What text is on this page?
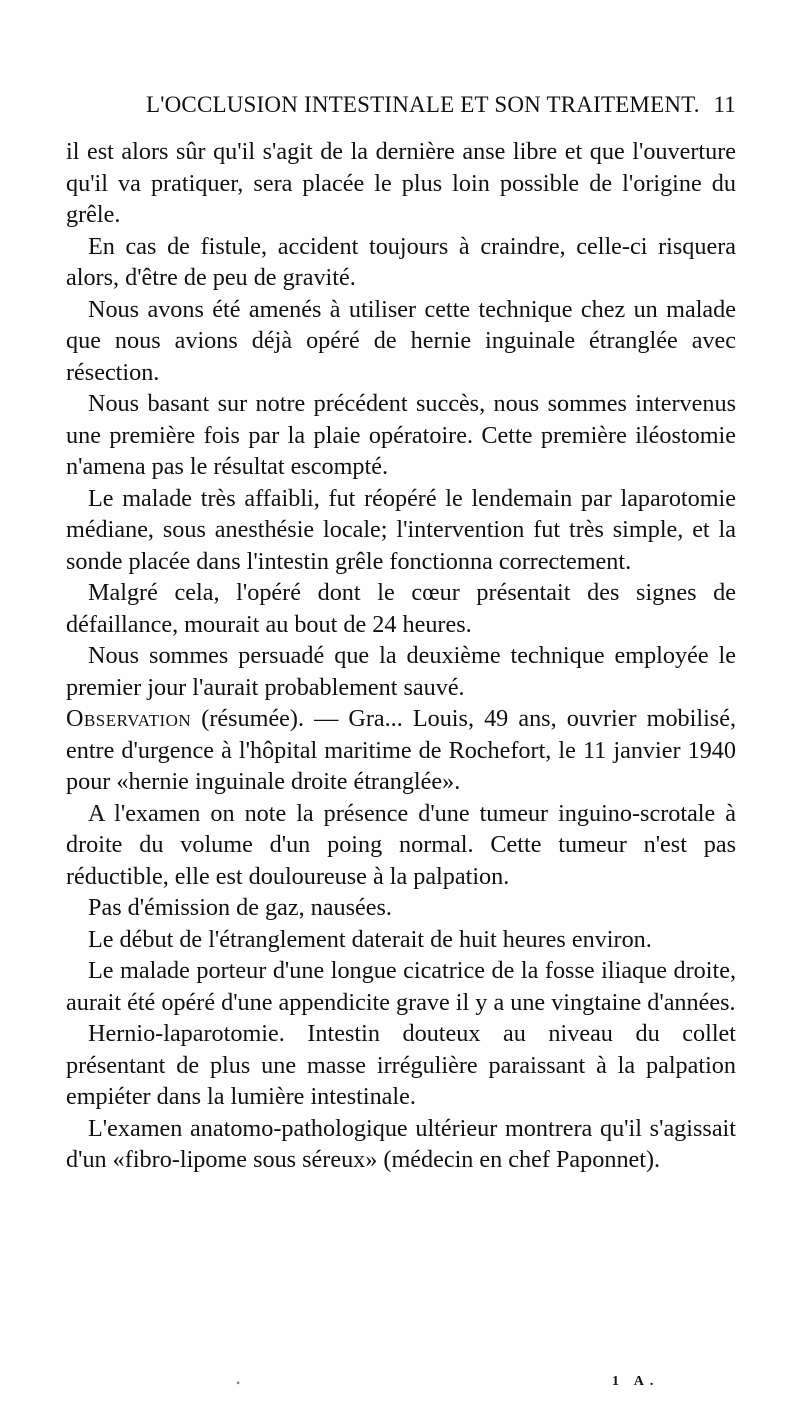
L'OCCLUSION INTESTINALE ET SON TRAITEMENT. 11

il est alors sûr qu'il s'agit de la dernière anse libre et que l'ouverture qu'il va pratiquer, sera placée le plus loin possible de l'origine du grêle.

En cas de fistule, accident toujours à craindre, celle-ci risquera alors, d'être de peu de gravité.

Nous avons été amenés à utiliser cette technique chez un malade que nous avions déjà opéré de hernie inguinale étranglée avec résection.

Nous basant sur notre précédent succès, nous sommes intervenus une première fois par la plaie opératoire. Cette première iléostomie n'amena pas le résultat escompté.

Le malade très affaibli, fut réopéré le lendemain par laparotomie médiane, sous anesthésie locale; l'intervention fut très simple, et la sonde placée dans l'intestin grêle fonctionna correctement.

Malgré cela, l'opéré dont le cœur présentait des signes de défaillance, mourait au bout de 24 heures.

Nous sommes persuadé que la deuxième technique employée le premier jour l'aurait probablement sauvé.

Observation (résumée). — Gra... Louis, 49 ans, ouvrier mobilisé, entre d'urgence à l'hôpital maritime de Rochefort, le 11 janvier 1940 pour «hernie inguinale droite étranglée».

A l'examen on note la présence d'une tumeur inguino-scrotale à droite du volume d'un poing normal. Cette tumeur n'est pas réductible, elle est douloureuse à la palpation.

Pas d'émission de gaz, nausées.

Le début de l'étranglement daterait de huit heures environ.

Le malade porteur d'une longue cicatrice de la fosse iliaque droite, aurait été opéré d'une appendicite grave il y a une vingtaine d'années.

Hernio-laparotomie. Intestin douteux au niveau du collet présentant de plus une masse irrégulière paraissant à la palpation empiéter dans la lumière intestinale.

L'examen anatomo-pathologique ultérieur montrera qu'il s'agissait d'un «fibro-lipome sous séreux» (médecin en chef Paponnet).

•	1 A.
